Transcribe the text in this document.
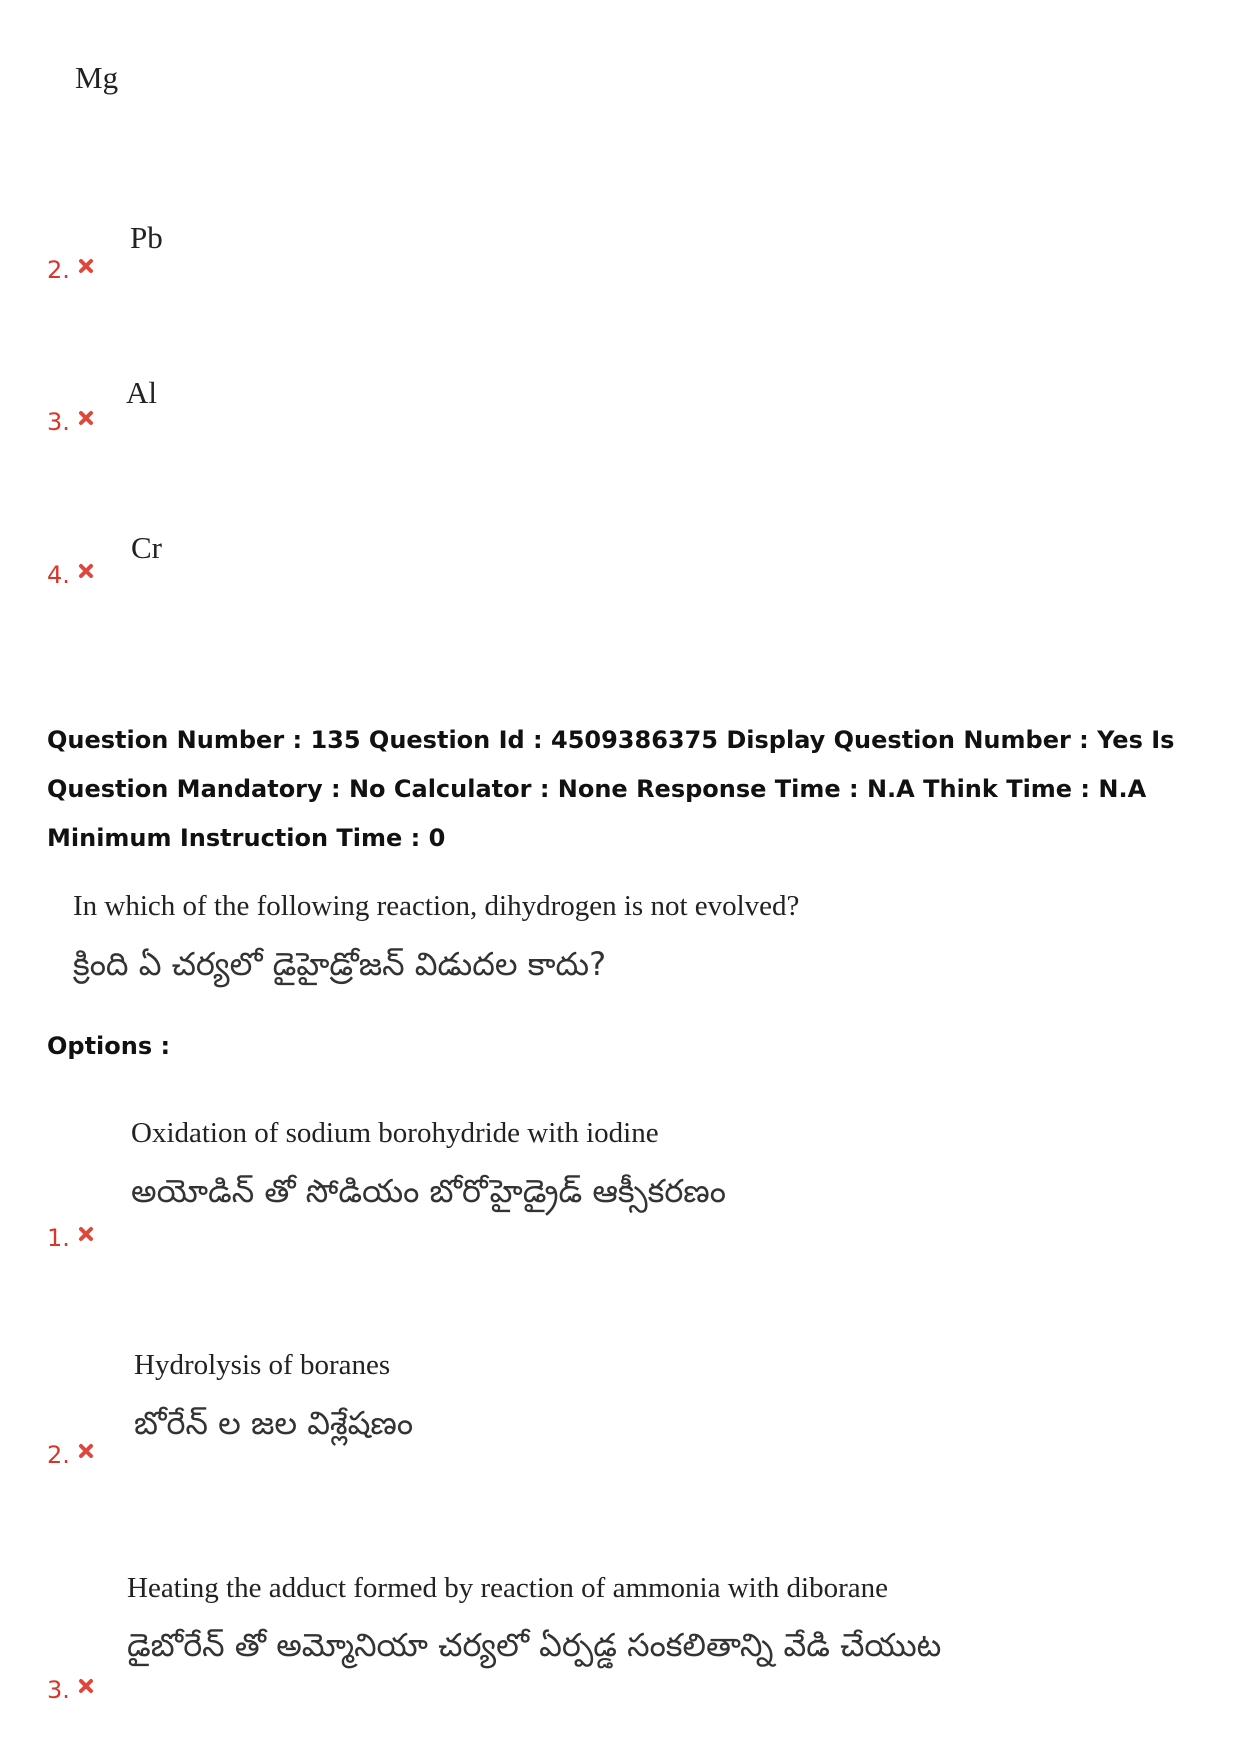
Mg
Pb
2.
Al
3.
Cr
4.
Question Number : 135 Question Id : 4509386375 Display Question Number : Yes Is Question Mandatory : No Calculator : None Response Time : N.A Think Time : N.A Minimum Instruction Time : 0
In which of the following reaction, dihydrogen is not evolved?
క్రింది ఏ చర్యలో డైహైడ్రోజన్ విడుదల కాదు?
Options :
Oxidation of sodium borohydride with iodine
అయోడిన్ తో సోడియం బోరోహైడ్రైడ్ ఆక్సీకరణం
1.
Hydrolysis of boranes
బోరేన్ ల జల విశ్లేషణం
2.
Heating the adduct formed by reaction of ammonia with diborane
డైబోరేన్ తో అమ్మోనియా చర్యలో ఏర్పడ్డ సంకలితాన్ని వేడి చేయుట
3.
